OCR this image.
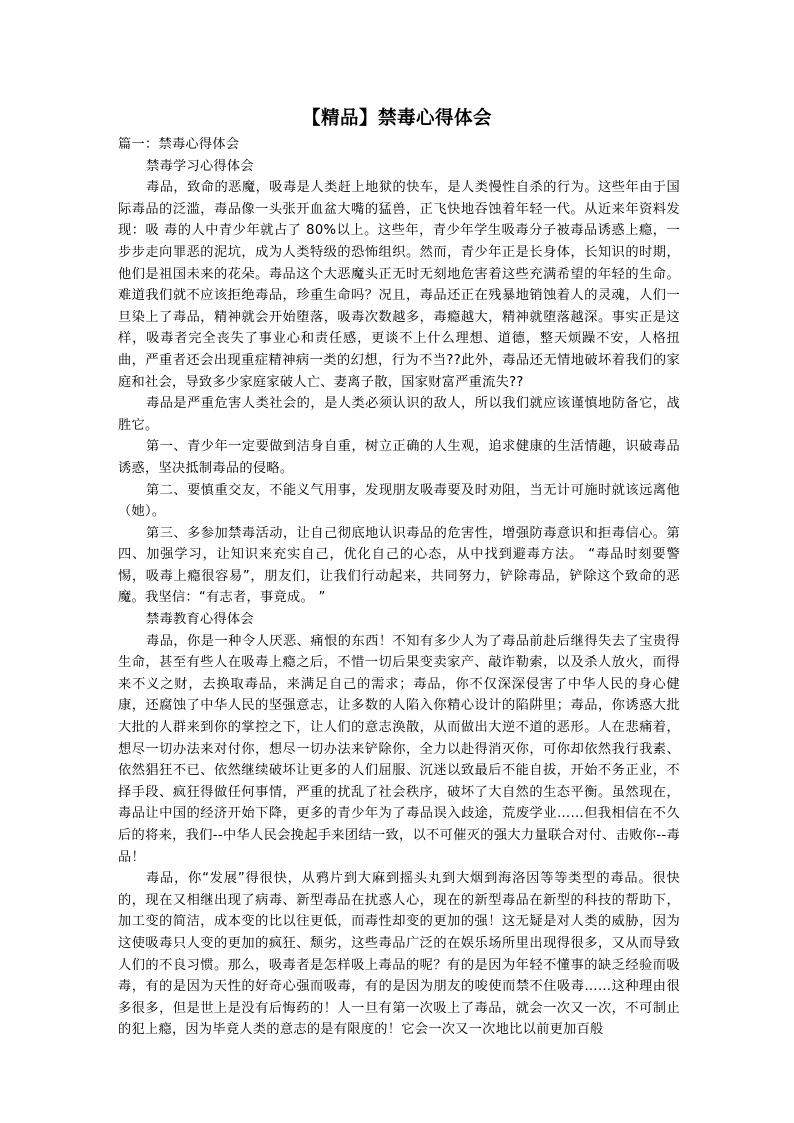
【精品】禁毒心得体会

篇一：禁毒心得体会

禁毒学习心得体会

毒品，致命的恶魔，吸毒是人类赶上地狱的快车，是人类慢性自杀的行为。这些年由于国际毒品的泛滥，毒品像一头张开血盆大嘴的猛兽，正飞快地吞蚀着年轻一代。从近来年资料发现：吸 毒的人中青少年就占了 80%以上。这些年，青少年学生吸毒分子被毒品诱惑上瘾，一步步走向罪恶的泥坑，成为人类特级的恐怖组织。然而，青少年正是长身体，长知识的时期，他们是祖国未来的花朵。毒品这个大恶魔头正无时无刻地危害着这些充满希望的年轻的生命。难道我们就不应该拒绝毒品，珍重生命吗？况且，毒品还正在残暴地销蚀着人的灵魂，人们一旦染上了毒品，精神就会开始堕落，吸毒次数越多，毒瘾越大，精神就堕落越深。事实正是这样，吸毒者完全丧失了事业心和责任感，更谈不上什么理想、道德，整天烦躁不安，人格扭曲，严重者还会出现重症精神病一类的幻想，行为不当??此外，毒品还无情地破坏着我们的家庭和社会，导致多少家庭家破人亡、妻离子散，国家财富严重流失??

毒品是严重危害人类社会的，是人类必须认识的敌人，所以我们就应该谨慎地防备它，战胜它。

第一、青少年一定要做到洁身自重，树立正确的人生观，追求健康的生活情趣，识破毒品诱惑，坚决抵制毒品的侵略。

第二、要慎重交友，不能义气用事，发现朋友吸毒要及时劝阻，当无计可施时就该远离他（她）。

第三、多参加禁毒活动，让自己彻底地认识毒品的危害性，增强防毒意识和拒毒信心。第四、加强学习，让知识来充实自己，优化自己的心态，从中找到避毒方法。 “毒品时刻要警惕，吸毒上瘾很容易”，朋友们，让我们行动起来，共同努力，铲除毒品，铲除这个致命的恶魔。我坚信：“有志者，事竟成。 ”

禁毒教育心得体会

毒品，你是一种令人厌恶、痛恨的东西！不知有多少人为了毒品前赴后继得失去了宝贵得生命，甚至有些人在吸毒上瘾之后，不惜一切后果变卖家产、敲诈勒索，以及杀人放火，而得来不义之财，去换取毒品，来满足自己的需求；毒品，你不仅深深侵害了中华人民的身心健康，还腐蚀了中华人民的坚强意志，让多数的人陷入你精心设计的陷阱里；毒品，你诱惑大批大批的人群来到你的掌控之下，让人们的意志涣散，从而做出大逆不道的恶形。人在悲痛着，想尽一切办法来对付你，想尽一切办法来铲除你，全力以赴得消灭你，可你却依然我行我素、依然猖狂不已、依然继续破坏让更多的人们屈服、沉迷以致最后不能自拔，开始不务正业，不择手段、疯狂得做任何事情，严重的扰乱了社会秩序，破坏了大自然的生态平衡。虽然现在，毒品让中国的经济开始下降，更多的青少年为了毒品误入歧途，荒废学业……但我相信在不久后的将来，我们--中华人民会挽起手来团结一致，以不可催灭的强大力量联合对付、击败你--毒品！

毒品，你“发展”得很快，从鸦片到大麻到摇头丸到大烟到海洛因等等类型的毒品。很快的，现在又相继出现了病毒、新型毒品在扰惑人心，现在的新型毒品在新型的科技的帮助下，加工变的简洁，成本变的比以往更低，而毒性却变的更加的强！这无疑是对人类的威胁，因为这使吸毒只人变的更加的疯狂、颓劣，这些毒品广泛的在娱乐场所里出现得很多，又从而导致人们的不良习惯。那么，吸毒者是怎样吸上毒品的呢？有的是因为年轻不懂事的缺乏经验而吸毒，有的是因为天性的好奇心强而吸毒，有的是因为朋友的唆使而禁不住吸毒……这种理由很多很多，但是世上是没有后悔药的！人一旦有第一次吸上了毒品，就会一次又一次，不可制止的犯上瘾，因为毕竟人类的意志的是有限度的！它会一次又一次地比以前更加百般
